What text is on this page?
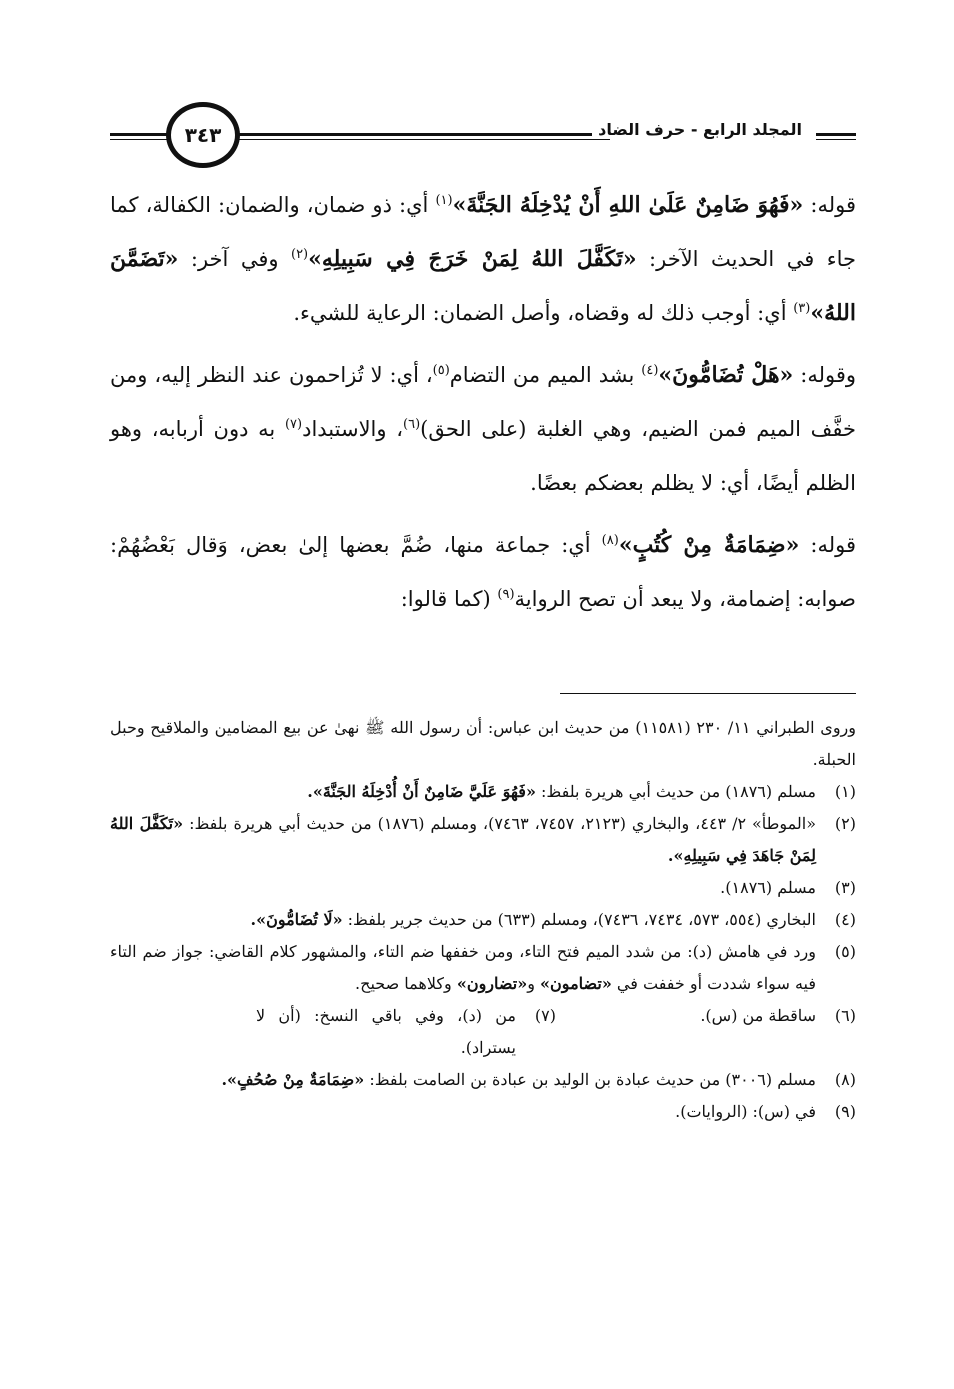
٣٤٣	المجلد الرابع - حرف الضاد

قوله: «فَهُوَ ضَامِنٌ عَلَىٰ اللهِ أَنْ يُدْخِلَهُ الجَنَّةَ»$^{(١)}$ أي: ذو ضمان، والضمان: الكفالة، كما جاء في الحديث الآخر: «تَكَفَّلَ اللهُ لِمَنْ خَرَجَ فِي سَبِيلِهِ»$^{(٢)}$ وفي آخر: «تَضَمَّنَ اللهُ»$^{(٣)}$ أي: أوجب ذلك له وقضاه، وأصل الضمان: الرعاية للشيء.

وقوله: «هَلْ تُضَامُّونَ»$^{(٤)}$ بشد الميم من التضام$^{(٥)}$، أي: لا تُزاحمون عند النظر إليه، ومن خفَّف الميم فمن الضيم، وهي الغلبة (على الحق)$^{(٦)}$، والاستبداد$^{(٧)}$ به دون أربابه، وهو الظلم أيضًا، أي: لا يظلم بعضكم بعضًا.

قوله: «ضِمَامَةٌ مِنْ كُتُبٍ»$^{(٨)}$ أي: جماعة منها، ضُمَّ بعضها إلىٰ بعض، وَقال بَعْضُهُمْ: صوابه: إضمامة، ولا يبعد أن تصح الرواية$^{(٩)}$ (كما قالوا:

وروى الطبراني ١١/ ٢٣٠ (١١٥٨١) من حديث ابن عباس: أن رسول الله ﷺ نهىٰ عن بيع المضامين والملاقيح وحبل الحبلة.
(١)
مسلم (١٨٧٦) من حديث أبي هريرة بلفظ: «فَهُوَ عَلَيَّ ضَامِنٌ أَنْ أُدْخِلَهُ الجَنَّةَ».
(٢)
«الموطأ» ٢/ ٤٤٣، والبخاري (٢١٢٣، ٧٤٥٧، ٧٤٦٣)، ومسلم (١٨٧٦) من حديث أبي هريرة بلفظ: «تَكَفَّلَ اللهُ لِمَنْ جَاهَدَ فِي سَبِيلِهِ».
(٣)
مسلم (١٨٧٦).
(٤)
البخاري (٥٥٤، ٥٧٣، ٧٤٣٤، ٧٤٣٦)، ومسلم (٦٣٣) من حديث جرير بلفظ: «لَا تُضَامُّونَ».
(٥)
ورد في هامش (د): من شدد الميم فتح التاء، ومن خففها ضم التاء، والمشهور كلام القاضي: جواز ضم التاء فيه سواء شددت أو خففت في «تضامون» و«تضارون» وكلاهما صحيح.
(٦)
ساقطة من (س).
(٧)
من (د)، وفي باقي النسخ: (أن لا يستراد).
(٨)
مسلم (٣٠٠٦) من حديث عبادة بن الوليد بن عبادة بن الصامت بلفظ: «ضِمَامَةٌ مِنْ صُحُفٍ».
(٩)
في (س): (الروايات).
